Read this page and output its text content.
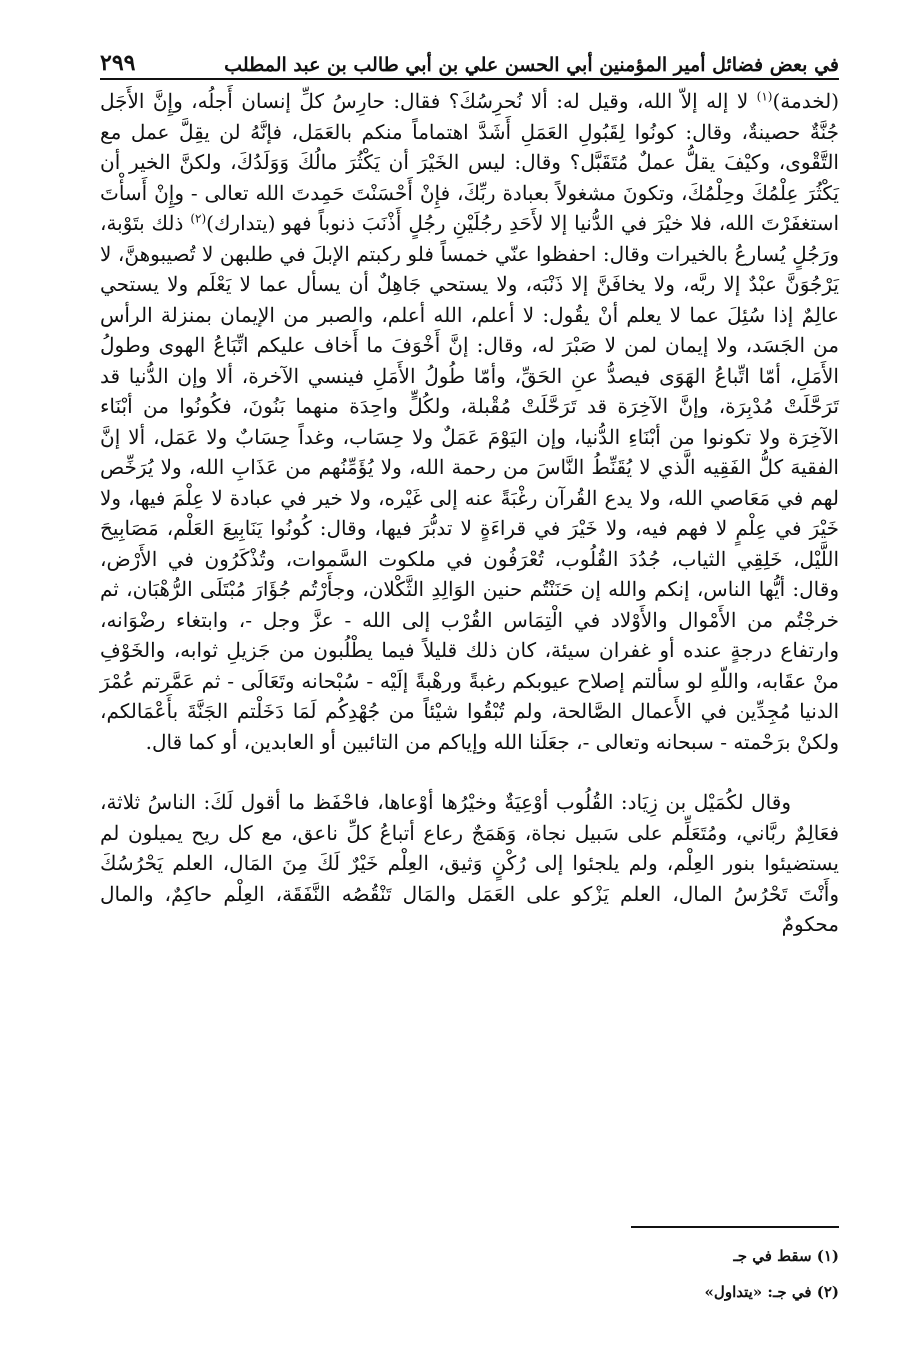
في بعض فضائل أمير المؤمنين أبي الحسن علي بن أبي طالب بن عبد المطلب
٢٩٩

(لخدمة)$^{(١)}$ لا إله إلاّ الله، وقيل له: ألا نُحرِسُكَ؟ فقال: حارِسُ كلِّ إنسان أَجلُه، وإِنَّ الأَجَل جُنَّةٌ حصينةٌ، وقال: كونُوا لِقَبُولِ العَمَلِ أَشَدَّ اهتماماً منكم بالعَمَل، فإنَّهُ لن يقِلَّ عمل مع التَّقْوى، وكيْفَ يقلُّ عملٌ مُتَقَبَّل؟ وقال: ليس الخَيْرَ أن يَكْثُرَ مالُكَ وَوَلَدُكَ، ولكنَّ الخير أن يَكْثُرَ عِلْمُكَ وحِلْمُكَ، وتكونَ مشغولاً بعبادة ربِّكَ، فإِنْ أَحْسَنْتَ حَمِدتَ الله تعالى - وإِنْ أَسأْتَ استغفَرْتَ الله، فلا خيْرَ في الدُّنيا إلا لأَحَدِ رجُلَيْنِ رجُلٍ أَذْنَبَ ذنوباً فهو (يتدارك)$^{(٢)}$ ذلك بتَوْبة، ورَجُلٍ يُسارعُ بالخيرات وقال: احفظوا عنّي خمساً فلو ركبتم الإبلَ في طلبهن لا تُصيبوهنَّ، لا يَرْجُوَنَّ عبْدٌ إلا ربَّه، ولا يخافَنَّ إلا ذَنْبَه، ولا يستحي جَاهِلٌ أن يسأل عما لا يَعْلَم ولا يستحي عالِمٌ إذا سُئِلَ عما لا يعلم أنْ يقُول: لا أعلم، الله أعلم، والصبر من الإيمان بمنزلة الرأس من الجَسَد، ولا إيمان لمن لا صَبْرَ له، وقال: إنَّ أَخْوَفَ ما أَخاف عليكم اتِّبَاعُ الهوى وطولُ الأَمَلِ، أمّا اتِّباعُ الهَوَى فيصدُّ عنِ الحَقِّ، وأمّا طُولُ الأَمَلِ فينسي الآخرة، ألا وإن الدُّنيا قد تَرَحَّلَتْ مُدْبِرَة، وإنَّ الآخِرَة قد تَرَحَّلَتْ مُقْبلة، ولكُلٍّ واحِدَة منهما بَنُونَ، فكُونُوا من أبْنَاء الآخِرَة ولا تكونوا من أبْنَاءِ الدُّنيا، وإن اليَوْمَ عَمَلٌ ولا حِسَاب، وغداً حِسَابٌ ولا عَمَل، ألا إنَّ الفقيهَ كلُّ الفَقِيه الَّذي لا يُقَنِّطُ النَّاسَ من رحمة الله، ولا يُؤَمِّنُهم من عَذَابِ الله، ولا يُرَخِّص لهم في مَعَاصي الله، ولا يدع القُرآن رغْبَةً عنه إلى غَيْره، ولا خير في عبادة لا عِلْمَ فيها، ولا خَيْرَ في عِلْمٍ لا فهم فيه، ولا خَيْرَ في قراءَةٍ لا تدبُّرَ فيها، وقال: كُونُوا يَنَابِيعَ العَلْم، مَصَابِيحَ اللَّيْل، خَلِقِي الثياب، جُدُدَ القُلُوب، تُعْرَفُون في ملكوت السَّموات، وتُذْكَرُون في الأَرْض، وقال: أيُّها الناس، إنكم والله إن حَنَنْتُم حنين الوَالِدِ الثَّكْلان، وجأَرْتُم جُؤَارَ مُبْتَلَى الرُّهْبَان، ثم خرجْتُم من الأَمْوال والأَوْلاد في الْتِمَاس القُرْب إلى الله - عزَّ وجل -، وابتغاء رضْوَانه، وارتفاع درجةٍ عنده أو غفران سيئة، كان ذلك قليلاً فيما يطْلُبون من جَزيلِ ثوابه، والخَوْفِ منْ عقَابه، واللّهِ لو سألتم إصلاح عيوبكم رغبةً ورهْبةً إلَيْه - سُبْحانه وتَعَالَى - ثم عَمَّرتم عُمْرَ الدنيا مُجِدِّين في الأَعمال الصَّالحة، ولم تُبْقُوا شيْئاً من جُهْدِكُم لَمَا دَخَلْتم الجَنَّةَ بأَعْمَالكم، ولكنْ برَحْمته - سبحانه وتعالى -، جعَلَنا الله وإياكم من التائبين أو العابدين، أو كما قال.

وقال لكُمَيْل بن زِيَاد: القُلُوب أوْعِيَةٌ وخيْرُها أوْعاها، فاحْفَظ ما أقول لَكَ: الناسُ ثلاثة، فعَالِمٌ ربَّاني، ومُتَعَلِّم على سَبيل نجاة، وَهَمَجٌ رعاع أتباعُ كلِّ ناعق، مع كل ريح يميلون لم يستضيئوا بنور العِلْم، ولم يلجئوا إلى رُكْنٍ وَثيق، العِلْم خَيْرٌ لَكَ مِنَ المَال، العلم يَحْرُسُكَ وأَنْتَ تَحْرُسُ المال، العلم يَزْكو على العَمَل والمَال تَنْقُصُه النَّفَقَة، العِلْم حاكِمٌ، والمال محكومٌ

(١) سقط في جـ
(٢) في جـ: «يتداول»
